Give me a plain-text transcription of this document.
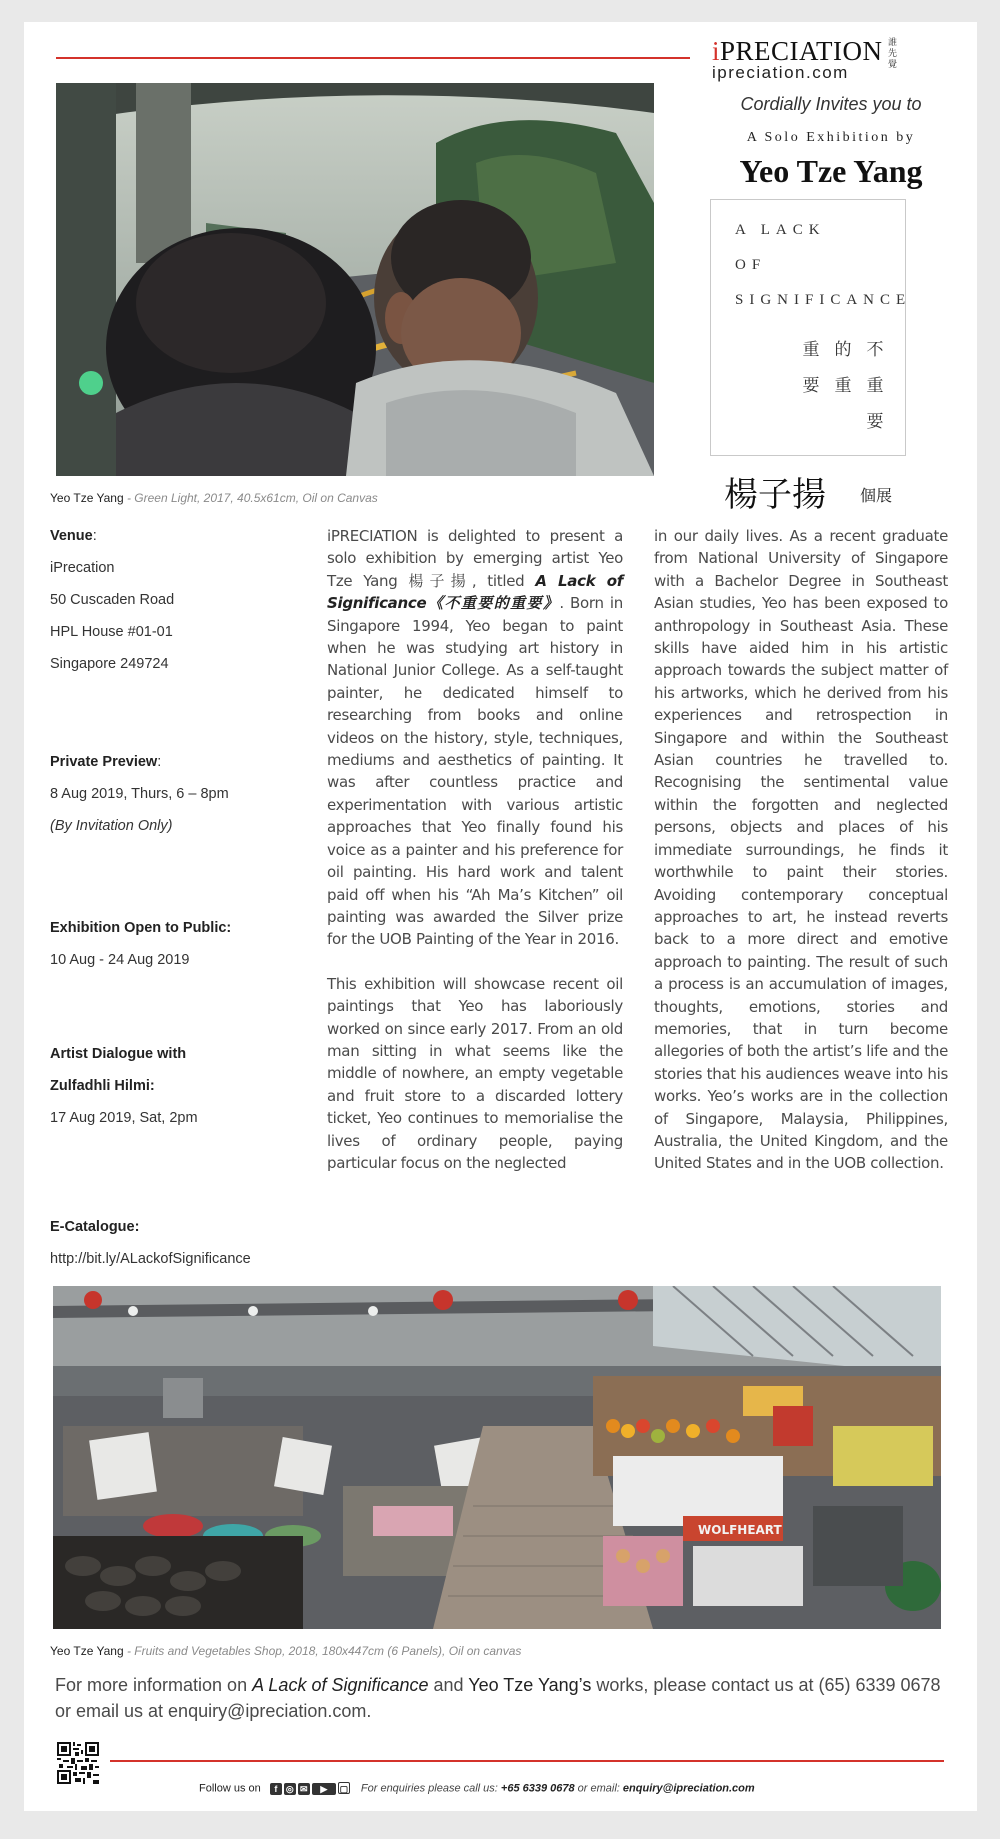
iPRECIATION
ipreciation.com
誰先覺
Cordially Invites you to
A Solo Exhibition by
Yeo Tze Yang
A LACK
OF
SIGNIFICANCE
不重要
的重
重要
楊子揚 個展
Yeo Tze Yang - Green Light, 2017, 40.5x61cm, Oil on Canvas
Venue:
iPrecation
50 Cuscaden Road
HPL House #01-01
Singapore 249724
Private Preview:
8 Aug 2019, Thurs, 6 – 8pm
(By Invitation Only)
Exhibition Open to Public:
10 Aug - 24 Aug 2019
Artist Dialogue with
Zulfadhli Hilmi:
17 Aug 2019, Sat, 2pm
E-Catalogue:
http://bit.ly/ALackofSignificance

iPRECIATION is delighted to present a solo exhibition by emerging artist Yeo Tze Yang 楊子揚, titled A Lack of Significance《不重要的重要》. Born in Singapore 1994, Yeo began to paint when he was studying art history in National Junior College. As a self-taught painter, he dedicated himself to researching from books and online videos on the history, style, techniques, mediums and aesthetics of painting. It was after countless practice and experimentation with various artistic approaches that Yeo finally found his voice as a painter and his preference for oil painting. His hard work and talent paid off when his “Ah Ma’s Kitchen” oil painting was awarded the Silver prize for the UOB Painting of the Year in 2016.

This exhibition will showcase recent oil paintings that Yeo has laboriously worked on since early 2017. From an old man sitting in what seems like the middle of nowhere, an empty vegetable and fruit store to a discarded lottery ticket, Yeo continues to memorialise the lives of ordinary people, paying particular focus on the neglected

in our daily lives. As a recent graduate from National University of Singapore with a Bachelor Degree in Southeast Asian studies, Yeo has been exposed to anthropology in Southeast Asia. These skills have aided him in his artistic approach towards the subject matter of his artworks, which he derived from his experiences and retrospection in Singapore and within the Southeast Asian countries he travelled to. Recognising the sentimental value within the forgotten and neglected persons, objects and places of his immediate surroundings, he finds it worthwhile to paint their stories. Avoiding contemporary conceptual approaches to art, he instead reverts back to a more direct and emotive approach to painting. The result of such a process is an accumulation of images, thoughts, emotions, stories and memories, that in turn become allegories of both the artist’s life and the stories that his audiences weave into his works. Yeo’s works are in the collection of Singapore, Malaysia, Philippines, Australia, the United Kingdom, and the United States and in the UOB collection.

WOLFHEART
Yeo Tze Yang - Fruits and Vegetables Shop, 2018, 180x447cm (6 Panels), Oil on canvas
For more information on A Lack of Significance and Yeo Tze Yang’s works, please contact us at (65) 6339 0678 or email us at enquiry@ipreciation.com.
Follow us on f ◎ ✉ ▶ ▢ For enquiries please call us: +65 6339 0678 or email: enquiry@ipreciation.com
